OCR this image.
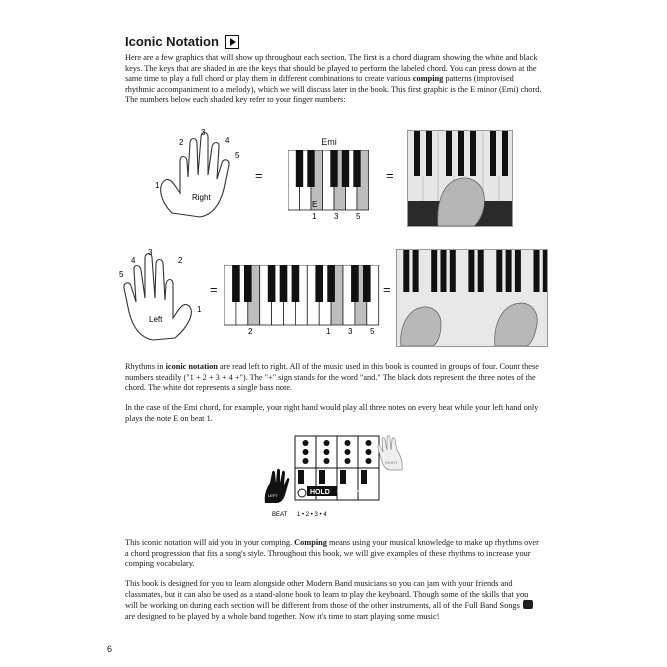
Iconic Notation

Here are a few graphics that will show up throughout each section. The first is a chord diagram showing the white and black keys. The keys that are shaded in are the keys that should be played to perform the labeled chord. You can press down at the same time to play a full chord or play them in different combinations to create various comping patterns (improvised rhythmic accompaniment to a melody), which we will discuss later in the book. This first graphic is the E minor (Emi) chord. The numbers below each shaded key refer to your finger numbers:

1
2
3
4
5
Right
=
Emi
E
1 3 5
=
1
2
3
4
5
Left
=
2	1 3 5
=

Rhythms in iconic notation are read left to right. All of the music used in this book is counted in groups of four. Count these numbers steadily ("1 + 2 + 3 + 4 +"). The "+" sign stands for the word "and." The black dots represent the three notes of the chord. The white dot represents a single bass note.

In the case of the Emi chord, for example, your right hand would play all three notes on every beat while your left hand only plays the note E on beat 1.

HOLD
LEFT
RIGHT
BEAT 1 • 2 • 3 • 4

This iconic notation will aid you in your comping. Comping means using your musical knowledge to make up rhythms over a chord progression that fits a song's style. Throughout this book, we will give examples of these rhythms to increase your comping vocabulary.

This book is designed for you to learn alongside other Modern Band musicians so you can jam with your friends and classmates, but it can also be used as a stand-alone book to learn to play the keyboard. Though some of the skills that you will be working on during each section will be different from those of the other instruments, all of the Full Band Songs  are designed to be played by a whole band together. Now it's time to start playing some music!

6
